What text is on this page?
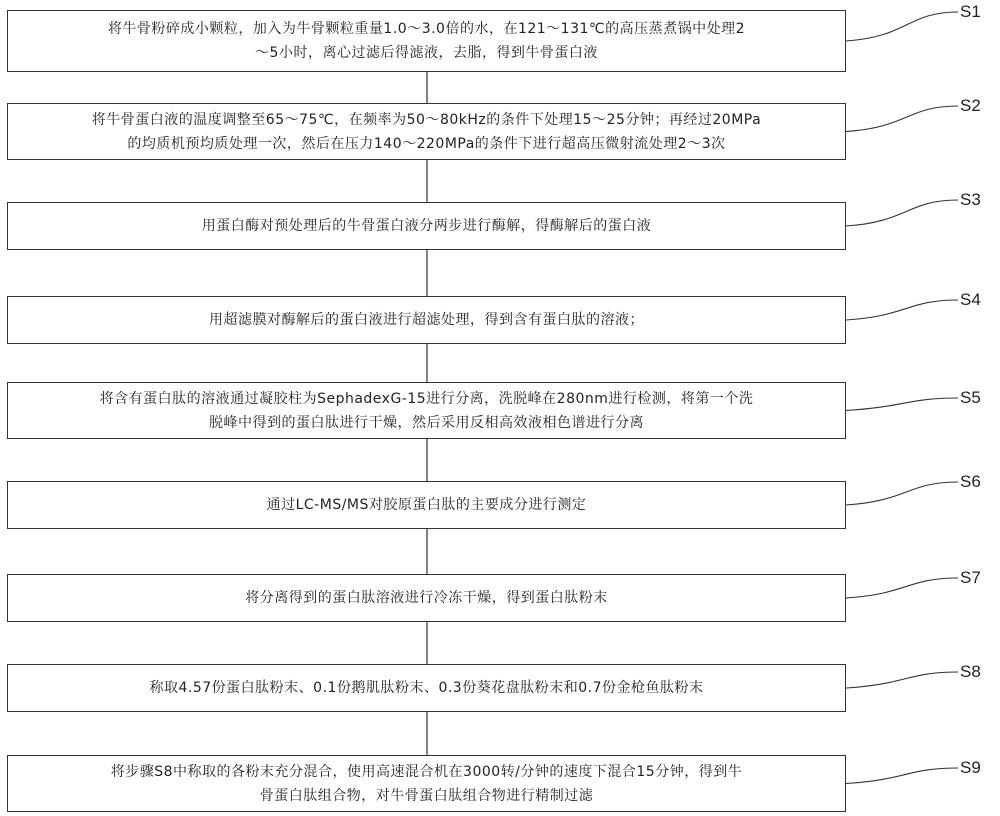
将牛骨粉碎成小颗粒，加入为牛骨颗粒重量1.0～3.0倍的水，在121～131℃的高压蒸煮锅中处理2
～5小时，离心过滤后得滤液，去脂，得到牛骨蛋白液
将牛骨蛋白液的温度调整至65～75℃，在频率为50～80kHz的条件下处理15～25分钟；再经过20MPa
的均质机预均质处理一次，然后在压力140～220MPa的条件下进行超高压微射流处理2～3次
用蛋白酶对预处理后的牛骨蛋白液分两步进行酶解，得酶解后的蛋白液
用超滤膜对酶解后的蛋白液进行超滤处理，得到含有蛋白肽的溶液；
将含有蛋白肽的溶液通过凝胶柱为SephadexG-15进行分离，洗脱峰在280nm进行检测，将第一个洗
脱峰中得到的蛋白肽进行干燥，然后采用反相高效液相色谱进行分离
通过LC-MS/MS对胶原蛋白肽的主要成分进行测定
将分离得到的蛋白肽溶液进行冷冻干燥，得到蛋白肽粉末
称取4.57份蛋白肽粉末、0.1份鹅肌肽粉末、0.3份葵花盘肽粉末和0.7份金枪鱼肽粉末
将步骤S8中称取的各粉末充分混合，使用高速混合机在3000转/分钟的速度下混合15分钟，得到牛
骨蛋白肽组合物，对牛骨蛋白肽组合物进行精制过滤
S1
S2
S3
S4
S5
S6
S7
S8
S9
